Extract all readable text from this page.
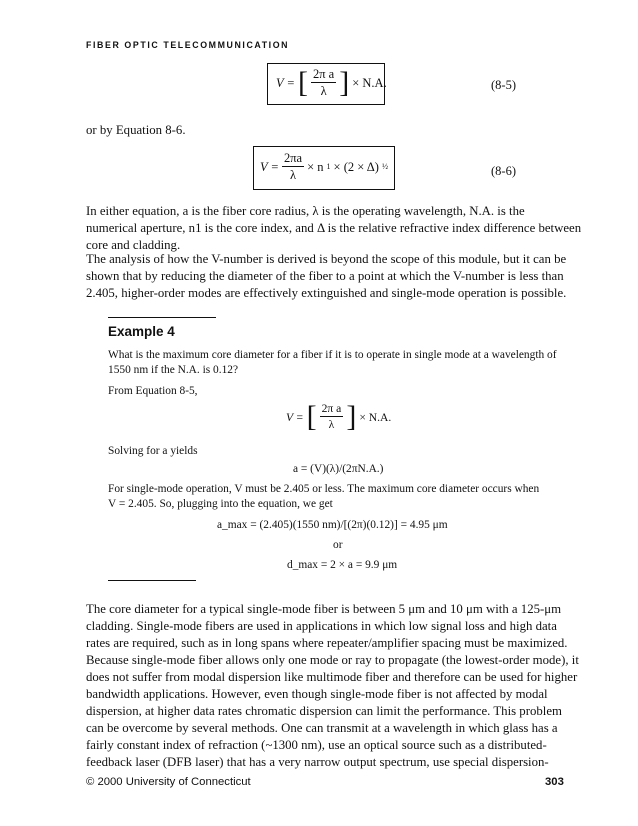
FIBER OPTIC TELECOMMUNICATION
V = [ $\frac{\text{2π a}}{\lambda}$ ] × N.A.	(8-5)
or by Equation 8-6.
$V = \frac{2\pi a}{\lambda} \times n$ 1 × (2 × Δ) ½	(8-6)
In either equation, a is the fiber core radius, λ is the operating wavelength, N.A. is the
numerical aperture, n1 is the core index, and Δ is the relative refractive index difference between
core and cladding.
The analysis of how the V-number is derived is beyond the scope of this module, but it can be
shown that by reducing the diameter of the fiber to a point at which the V-number is less than
2.405, higher-order modes are effectively extinguished and single-mode operation is possible.
Example 4
What is the maximum core diameter for a fiber if it is to operate in single mode at a wavelength of
1550 nm if the N.A. is 0.12?
From Equation 8-5,
V = [ $\frac{\text{2π a}}{\lambda}$ ] × N.A.
Solving for a yields
a = (V)(λ)/(2πN.A.)
For single-mode operation, V must be 2.405 or less. The maximum core diameter occurs when
V = 2.405. So, plugging into the equation, we get
a_max = (2.405)(1550 nm)/[(2π)(0.12)] = 4.95 μm
or
d_max = 2 × a = 9.9 μm
The core diameter for a typical single-mode fiber is between 5 μm and 10 μm with a 125-μm
cladding. Single-mode fibers are used in applications in which low signal loss and high data
rates are required, such as in long spans where repeater/amplifier spacing must be maximized.
Because single-mode fiber allows only one mode or ray to propagate (the lowest-order mode), it
does not suffer from modal dispersion like multimode fiber and therefore can be used for higher
bandwidth applications. However, even though single-mode fiber is not affected by modal
dispersion, at higher data rates chromatic dispersion can limit the performance. This problem
can be overcome by several methods. One can transmit at a wavelength in which glass has a
fairly constant index of refraction (~1300 nm), use an optical source such as a distributed-
feedback laser (DFB laser) that has a very narrow output spectrum, use special dispersion-
© 2000 University of Connecticut	303
